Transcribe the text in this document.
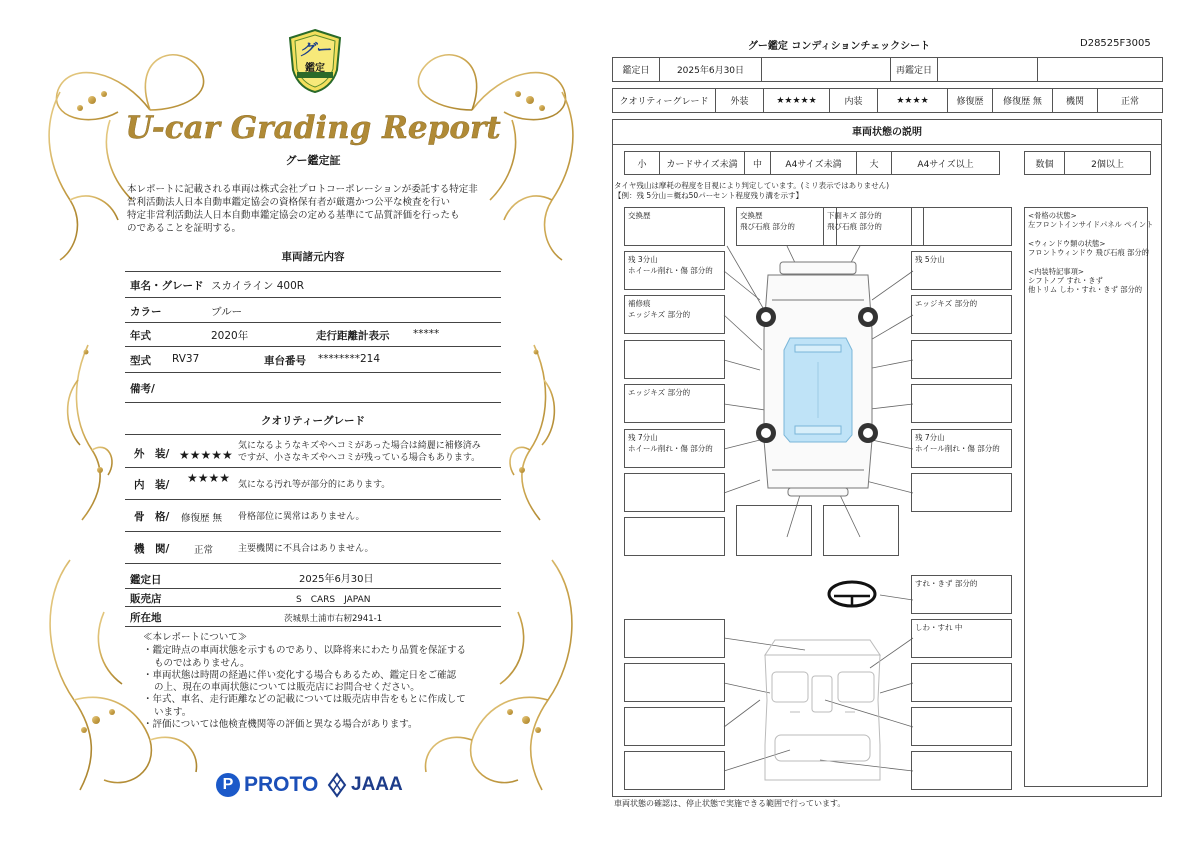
グー
鑑定
U-car Grading Report
グー鑑定証
本レポートに記載される車両は株式会社プロトコーポレーションが委託する特定非
営利活動法人日本自動車鑑定協会の資格保有者が厳選かつ公平な検査を行い
特定非営利活動法人日本自動車鑑定協会の定める基準にて品質評価を行ったも
のであることを証明する。
車両諸元内容
車名・グレード スカイライン 400R
カラー	ブルー
年式	2020年	走行距離計表示 *****
型式 RV37	車台番号 ********214
備考/
クオリティーグレード
外　装/ ★★★★★
気になるようなキズやヘコミがあった場合は綺麗に補修済み
ですが、小さなキズやヘコミが残っている場合もあります。
内　装/ ★★★★ 気になる汚れ等が部分的にあります。
骨　格/ 修復歴 無 骨格部位に異常はありません。
機　関/	正常	主要機関に不具合はありません。
鑑定日	2025年6月30日
販売店	S　CARS　JAPAN
所在地	茨城県土浦市右籾2941-1
≪本レポートについて≫
・鑑定時点の車両状態を示すものであり、以降将来にわたり品質を保証する
ものではありません。
・車両状態は時間の経過に伴い変化する場合もあるため、鑑定日をご確認
の上、現在の車両状態については販売店にお問合せください。
・年式、車名、走行距離などの記載については販売店申告をもとに作成して
います。
・評価については他検査機関等の評価と異なる場合があります。
P PROTO JAAA
グー鑑定 コンディションチェックシート	D28525F3005
鑑定日	2025年6月30日		再鑑定日		
クオリティーグレード	外装	★★★★★	内装	★★★★	修復歴	修復歴 無	機関	正常
車両状態の説明
小	カードサイズ未満	中	A4サイズ未満	大	A4サイズ以上	数個	2個以上
タイヤ残山は摩耗の程度を目視により判定しています。(ミリ表示ではありません)
【例：残 5分山＝概ね50パーセント程度残り溝を示す】
交換歴	交換歴
飛び石痕 部分的
下面キズ 部分的
飛び石痕 部分的
残 3分山
ホイール削れ・傷 部分的
残 5分山
補修痕
エッジキズ 部分的
エッジキズ 部分的
エッジキズ 部分的
残 7分山
ホイール削れ・傷 部分的
残 7分山
ホイール削れ・傷 部分的
すれ・きず 部分的
しわ・すれ 中
<骨格の状態>
左フロントインサイドパネル ペイント
<ウィンドウ類の状態>
フロントウィンドウ 飛び石痕 部分的
<内装特記事項>
シフトノブ すれ・きず
他トリム しわ・すれ・きず 部分的
車両状態の確認は、停止状態で実施できる範囲で行っています。
